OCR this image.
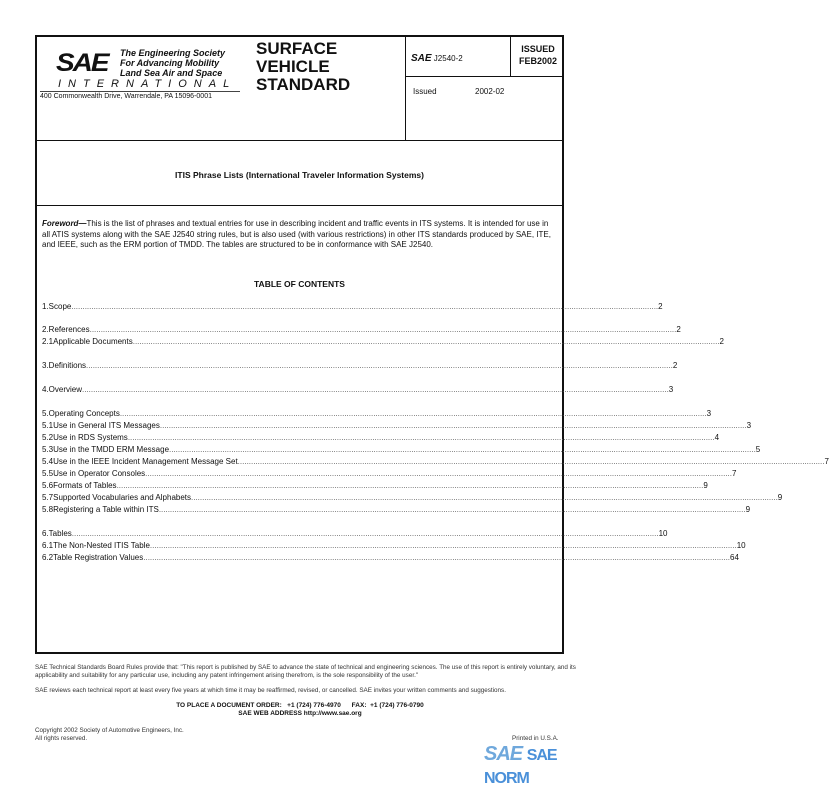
SAE The Engineering Society
For Advancing Mobility
Land Sea Air and Space
INTERNATIONAL
400 Commonwealth Drive, Warrendale, PA 15096-0001
SURFACE
VEHICLE
STANDARD
SAE J2540-2
ISSUED
FEB2002
Issued	2002-02
ITIS Phrase Lists (International Traveler Information Systems)
Foreword—This is the list of phrases and textual entries for use in describing incident and traffic events in ITS systems. It is intended for use in all ATIS systems along with the SAE J2540 string rules, but is also used (with various restrictions) in other ITS standards produced by SAE, ITE, and IEEE, such as the ERM portion of TMDD. The tables are structured to be in conformance with SAE J2540.
TABLE OF CONTENTS
1. Scope .....	2
2. References .....	2
2.1 Applicable Documents .....	2
3. Definitions .....	2
4. Overview .....	3
5. Operating Concepts .....	3
5.1 Use in General ITS Messages .....	3
5.2 Use in RDS Systems .....	4
5.3 Use in the TMDD ERM Message .....	5
5.4 Use in the IEEE Incident Management Message Set .....	7
5.5 Use in Operator Consoles .....	7
5.6 Formats of Tables .....	9
5.7 Supported Vocabularies and Alphabets .....	9
5.8 Registering a Table within ITS .....	9
6. Tables .....	10
6.1 The Non-Nested ITIS Table .....	10
6.2 Table Registration Values .....	64
SAE Technical Standards Board Rules provide that: "This report is published by SAE to advance the state of technical and engineering sciences. The use of this report is entirely voluntary, and its applicability and suitability for any particular use, including any patent infringement arising therefrom, is the sole responsibility of the user."
SAE reviews each technical report at least every five years at which time it may be reaffirmed, revised, or cancelled. SAE invites your written comments and suggestions.
TO PLACE A DOCUMENT ORDER:   +1 (724) 776-4970      FAX:  +1 (724) 776-0790
SAE WEB ADDRESS http://www.sae.org
Copyright 2002 Society of Automotive Engineers, Inc.
All rights reserved.	Printed in U.S.A.
SAE SAE NORM
